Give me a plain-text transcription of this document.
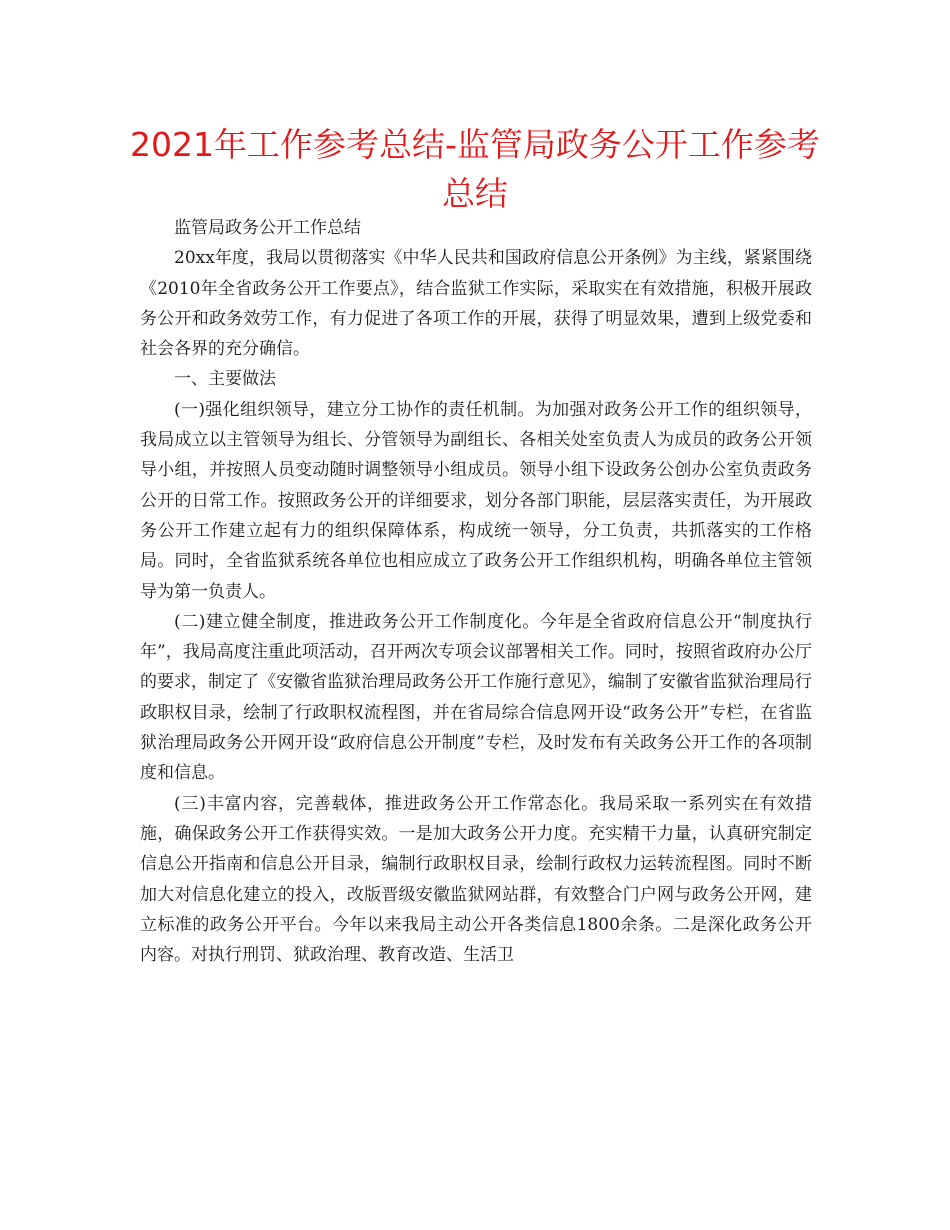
2021年工作参考总结-监管局政务公开工作参考总结

监管局政务公开工作总结

20xx年度，我局以贯彻落实《中华人民共和国政府信息公开条例》为主线，紧紧围绕《2010年全省政务公开工作要点》，结合监狱工作实际，采取实在有效措施，积极开展政务公开和政务效劳工作，有力促进了各项工作的开展，获得了明显效果，遭到上级党委和社会各界的充分确信。

一、主要做法

(一)强化组织领导，建立分工协作的责任机制。为加强对政务公开工作的组织领导，我局成立以主管领导为组长、分管领导为副组长、各相关处室负责人为成员的政务公开领导小组，并按照人员变动随时调整领导小组成员。领导小组下设政务公创办公室负责政务公开的日常工作。按照政务公开的详细要求，划分各部门职能，层层落实责任，为开展政务公开工作建立起有力的组织保障体系，构成统一领导，分工负责，共抓落实的工作格局。同时，全省监狱系统各单位也相应成立了政务公开工作组织机构，明确各单位主管领导为第一负责人。

(二)建立健全制度，推进政务公开工作制度化。今年是全省政府信息公开“制度执行年”，我局高度注重此项活动，召开两次专项会议部署相关工作。同时，按照省政府办公厅的要求，制定了《安徽省监狱治理局政务公开工作施行意见》，编制了安徽省监狱治理局行政职权目录，绘制了行政职权流程图，并在省局综合信息网开设“政务公开”专栏，在省监狱治理局政务公开网开设“政府信息公开制度”专栏，及时发布有关政务公开工作的各项制度和信息。

(三)丰富内容，完善载体，推进政务公开工作常态化。我局采取一系列实在有效措施，确保政务公开工作获得实效。一是加大政务公开力度。充实精干力量，认真研究制定信息公开指南和信息公开目录，编制行政职权目录，绘制行政权力运转流程图。同时不断加大对信息化建立的投入，改版晋级安徽监狱网站群，有效整合门户网与政务公开网，建立标准的政务公开平台。今年以来我局主动公开各类信息1800余条。二是深化政务公开内容。对执行刑罚、狱政治理、教育改造、生活卫
